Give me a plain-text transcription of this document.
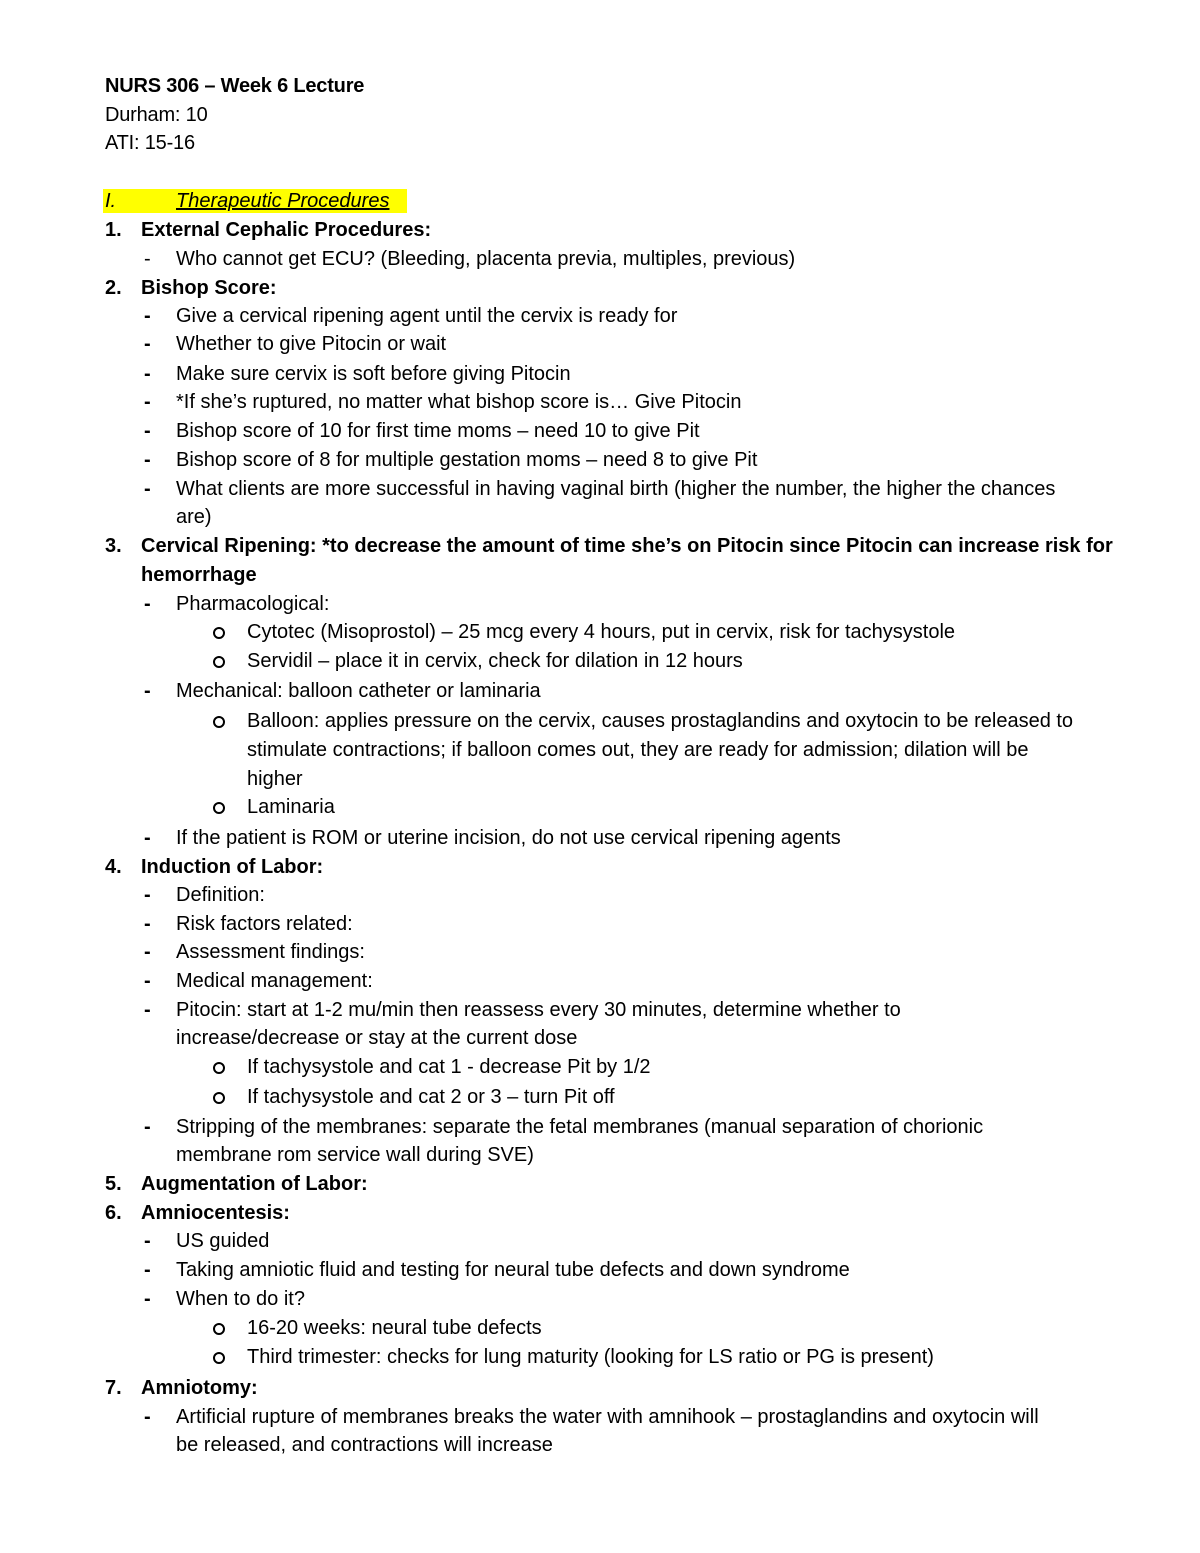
NURS 306 – Week 6 Lecture
Durham: 10
ATI: 15-16
I.	Therapeutic Procedures
1. External Cephalic Procedures:
- Who cannot get ECU? (Bleeding, placenta previa, multiples, previous)
2. Bishop Score:
- Give a cervical ripening agent until the cervix is ready for
- Whether to give Pitocin or wait
- Make sure cervix is soft before giving Pitocin
- *If she’s ruptured, no matter what bishop score is… Give Pitocin
- Bishop score of 10 for first time moms – need 10 to give Pit
- Bishop score of 8 for multiple gestation moms – need 8 to give Pit
- What clients are more successful in having vaginal birth (higher the number, the higher the chances
are)
3. Cervical Ripening: *to decrease the amount of time she’s on Pitocin since Pitocin can increase risk for
hemorrhage
- Pharmacological:
Cytotec (Misoprostol) – 25 mcg every 4 hours, put in cervix, risk for tachysystole
Servidil – place it in cervix, check for dilation in 12 hours
- Mechanical: balloon catheter or laminaria
Balloon: applies pressure on the cervix, causes prostaglandins and oxytocin to be released to
stimulate contractions; if balloon comes out, they are ready for admission; dilation will be
higher
Laminaria
- If the patient is ROM or uterine incision, do not use cervical ripening agents
4. Induction of Labor:
- Definition:
- Risk factors related:
- Assessment findings:
- Medical management:
- Pitocin: start at 1-2 mu/min then reassess every 30 minutes, determine whether to
increase/decrease or stay at the current dose
If tachysystole and cat 1 - decrease Pit by 1/2
If tachysystole and cat 2 or 3 – turn Pit off
- Stripping of the membranes: separate the fetal membranes (manual separation of chorionic
membrane rom service wall during SVE)
5. Augmentation of Labor:
6. Amniocentesis:
- US guided
- Taking amniotic fluid and testing for neural tube defects and down syndrome
- When to do it?
16-20 weeks: neural tube defects
Third trimester: checks for lung maturity (looking for LS ratio or PG is present)
7. Amniotomy:
- Artificial rupture of membranes breaks the water with amnihook – prostaglandins and oxytocin will
be released, and contractions will increase
